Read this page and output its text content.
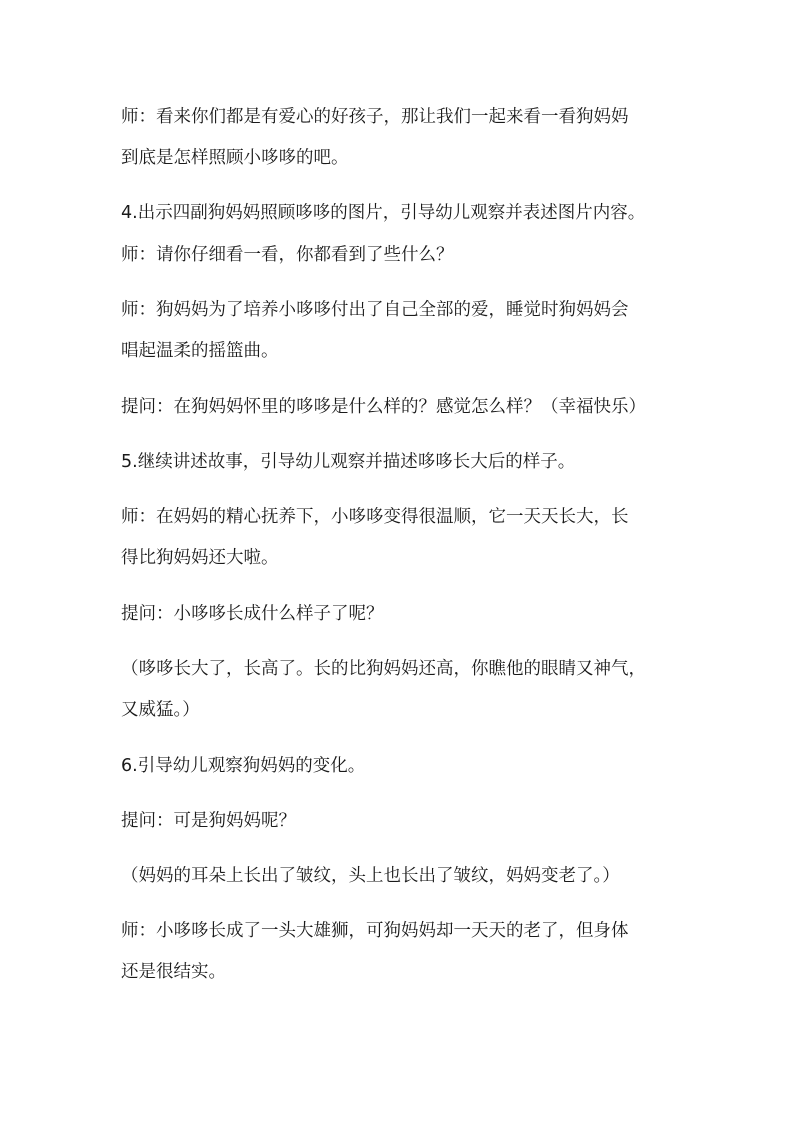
师：看来你们都是有爱心的好孩子，那让我们一起来看一看狗妈妈
到底是怎样照顾小哆哆的吧。
4.出示四副狗妈妈照顾哆哆的图片，引导幼儿观察并表述图片内容。
师：请你仔细看一看，你都看到了些什么？
师：狗妈妈为了培养小哆哆付出了自己全部的爱，睡觉时狗妈妈会
唱起温柔的摇篮曲。
提问：在狗妈妈怀里的哆哆是什么样的？感觉怎么样？（幸福快乐）
5.继续讲述故事，引导幼儿观察并描述哆哆长大后的样子。
师：在妈妈的精心抚养下，小哆哆变得很温顺，它一天天长大，长
得比狗妈妈还大啦。
提问：小哆哆长成什么样子了呢？
（哆哆长大了，长高了。长的比狗妈妈还高，你瞧他的眼睛又神气，
又威猛。）
6.引导幼儿观察狗妈妈的变化。
提问：可是狗妈妈呢？
（妈妈的耳朵上长出了皱纹，头上也长出了皱纹，妈妈变老了。）
师：小哆哆长成了一头大雄狮，可狗妈妈却一天天的老了，但身体
还是很结实。
